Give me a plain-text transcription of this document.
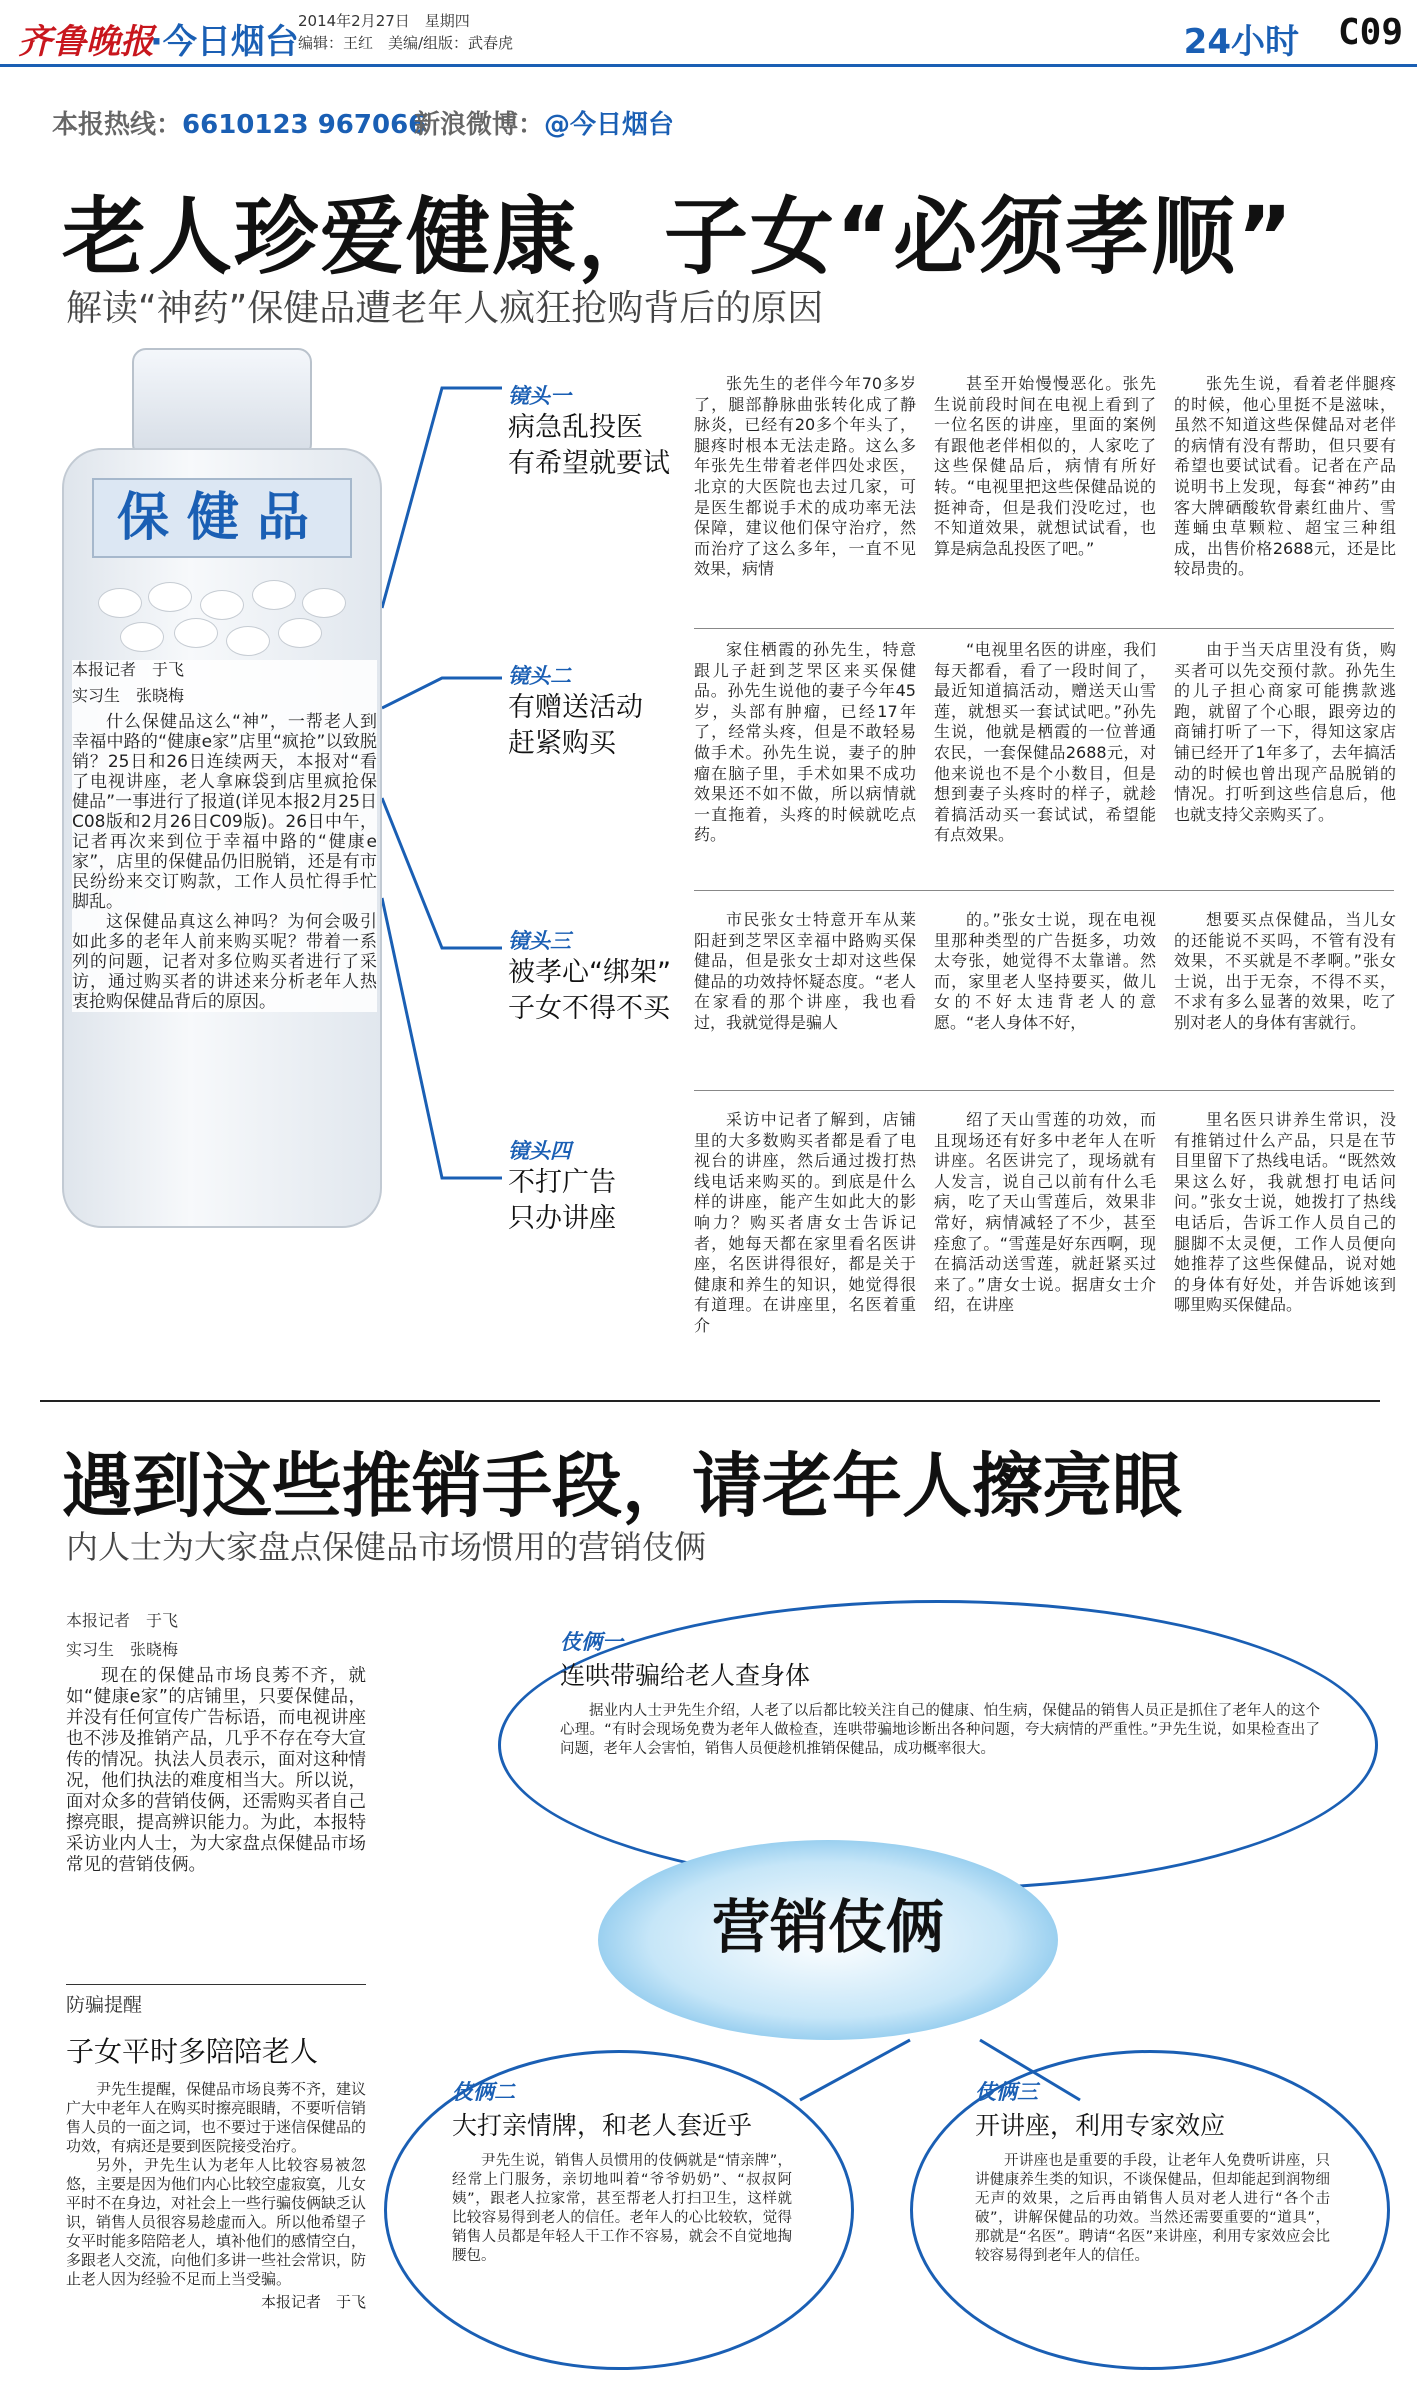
齐鲁晚报
·今日烟台
2014年2月27日　星期四
编辑：王红　美编/组版：武春虎	24小时 C09
本报热线：6610123 967066
新浪微博：@今日烟台
老人珍爱健康，子女“必须孝顺”
解读“神药”保健品遭老年人疯狂抢购背后的原因
保健品
本报记者　于飞
实习生　张晓梅

什么保健品这么“神”，一帮老人到幸福中路的“健康e家”店里“疯抢”以致脱销？25日和26日连续两天，本报对“看了电视讲座，老人拿麻袋到店里疯抢保健品”一事进行了报道(详见本报2月25日C08版和2月26日C09版)。26日中午，记者再次来到位于幸福中路的“健康e家”，店里的保健品仍旧脱销，还是有市民纷纷来交订购款，工作人员忙得手忙脚乱。

这保健品真这么神吗？为何会吸引如此多的老年人前来购买呢？带着一系列的问题，记者对多位购买者进行了采访，通过购买者的讲述来分析老年人热衷抢购保健品背后的原因。

镜头一
病急乱投医
有希望就要试

张先生的老伴今年70多岁了，腿部静脉曲张转化成了静脉炎，已经有20多个年头了，腿疼时根本无法走路。这么多年张先生带着老伴四处求医，北京的大医院也去过几家，可是医生都说手术的成功率无法保障，建议他们保守治疗，然而治疗了这么多年，一直不见效果，病情

甚至开始慢慢恶化。张先生说前段时间在电视上看到了一位名医的讲座，里面的案例有跟他老伴相似的，人家吃了这些保健品后，病情有所好转。“电视里把这些保健品说的挺神奇，但是我们没吃过，也不知道效果，就想试试看，也算是病急乱投医了吧。”

张先生说，看着老伴腿疼的时候，他心里挺不是滋味，虽然不知道这些保健品对老伴的病情有没有帮助，但只要有希望也要试试看。记者在产品说明书上发现，每套“神药”由客大牌硒酸软骨素红曲片、雪莲蛹虫草颗粒、超宝三种组成，出售价格2688元，还是比较昂贵的。

镜头二
有赠送活动
赶紧购买

家住栖霞的孙先生，特意跟儿子赶到芝罘区来买保健品。孙先生说他的妻子今年45岁，头部有肿瘤，已经17年了，经常头疼，但是不敢轻易做手术。孙先生说，妻子的肿瘤在脑子里，手术如果不成功效果还不如不做，所以病情就一直拖着，头疼的时候就吃点药。

“电视里名医的讲座，我们每天都看，看了一段时间了，最近知道搞活动，赠送天山雪莲，就想买一套试试吧。”孙先生说，他就是栖霞的一位普通农民，一套保健品2688元，对他来说也不是个小数目，但是想到妻子头疼时的样子，就趁着搞活动买一套试试，希望能有点效果。

由于当天店里没有货，购买者可以先交预付款。孙先生的儿子担心商家可能携款逃跑，就留了个心眼，跟旁边的商铺打听了一下，得知这家店铺已经开了1年多了，去年搞活动的时候也曾出现产品脱销的情况。打听到这些信息后，他也就支持父亲购买了。

镜头三
被孝心“绑架”
子女不得不买

市民张女士特意开车从莱阳赶到芝罘区幸福中路购买保健品，但是张女士却对这些保健品的功效持怀疑态度。“老人在家看的那个讲座，我也看过，我就觉得是骗人

的。”张女士说，现在电视里那种类型的广告挺多，功效太夸张，她觉得不太靠谱。然而，家里老人坚持要买，做儿女的不好太违背老人的意愿。“老人身体不好，

想要买点保健品，当儿女的还能说不买吗，不管有没有效果，不买就是不孝啊。”张女士说，出于无奈，不得不买，不求有多么显著的效果，吃了别对老人的身体有害就行。

镜头四
不打广告
只办讲座

采访中记者了解到，店铺里的大多数购买者都是看了电视台的讲座，然后通过拨打热线电话来购买的。到底是什么样的讲座，能产生如此大的影响力？购买者唐女士告诉记者，她每天都在家里看名医讲座，名医讲得很好，都是关于健康和养生的知识，她觉得很有道理。在讲座里，名医着重介

绍了天山雪莲的功效，而且现场还有好多中老年人在听讲座。名医讲完了，现场就有人发言，说自己以前有什么毛病，吃了天山雪莲后，效果非常好，病情减轻了不少，甚至痊愈了。“雪莲是好东西啊，现在搞活动送雪莲，就赶紧买过来了。”唐女士说。据唐女士介绍，在讲座

里名医只讲养生常识，没有推销过什么产品，只是在节目里留下了热线电话。“既然效果这么好，我就想打电话问问。”张女士说，她拨打了热线电话后，告诉工作人员自己的腿脚不太灵便，工作人员便向她推荐了这些保健品，说对她的身体有好处，并告诉她该到哪里购买保健品。

遇到这些推销手段，请老年人擦亮眼
内人士为大家盘点保健品市场惯用的营销伎俩
本报记者　于飞
实习生　张晓梅

现在的保健品市场良莠不齐，就如“健康e家”的店铺里，只要保健品，并没有任何宣传广告标语，而电视讲座也不涉及推销产品，几乎不存在夸大宣传的情况。执法人员表示，面对这种情况，他们执法的难度相当大。所以说，面对众多的营销伎俩，还需购买者自己擦亮眼，提高辨识能力。为此，本报特采访业内人士，为大家盘点保健品市场常见的营销伎俩。

防骗提醒
子女平时多陪陪老人

尹先生提醒，保健品市场良莠不齐，建议广大中老年人在购买时擦亮眼睛，不要听信销售人员的一面之词，也不要过于迷信保健品的功效，有病还是要到医院接受治疗。

另外，尹先生认为老年人比较容易被忽悠，主要是因为他们内心比较空虚寂寞，儿女平时不在身边，对社会上一些行骗伎俩缺乏认识，销售人员很容易趁虚而入。所以他希望子女平时能多陪陪老人，填补他们的感情空白，多跟老人交流，向他们多讲一些社会常识，防止老人因为经验不足而上当受骗。

本报记者　于飞
伎俩一
连哄带骗给老人查身体
据业内人士尹先生介绍，人老了以后都比较关注自己的健康、怕生病，保健品的销售人员正是抓住了老年人的这个心理。“有时会现场免费为老年人做检查，连哄带骗地诊断出各种问题，夸大病情的严重性。”尹先生说，如果检查出了问题，老年人会害怕，销售人员便趁机推销保健品，成功概率很大。
营销伎俩
伎俩二
大打亲情牌，和老人套近乎
尹先生说，销售人员惯用的伎俩就是“情亲牌”，经常上门服务，亲切地叫着“爷爷奶奶”、“叔叔阿姨”，跟老人拉家常，甚至帮老人打扫卫生，这样就比较容易得到老人的信任。老年人的心比较软，觉得销售人员都是年轻人干工作不容易，就会不自觉地掏腰包。
伎俩三
开讲座，利用专家效应
开讲座也是重要的手段，让老年人免费听讲座，只讲健康养生类的知识，不谈保健品，但却能起到润物细无声的效果，之后再由销售人员对老人进行“各个击破”，讲解保健品的功效。当然还需要重要的“道具”，那就是“名医”。聘请“名医”来讲座，利用专家效应会比较容易得到老年人的信任。
